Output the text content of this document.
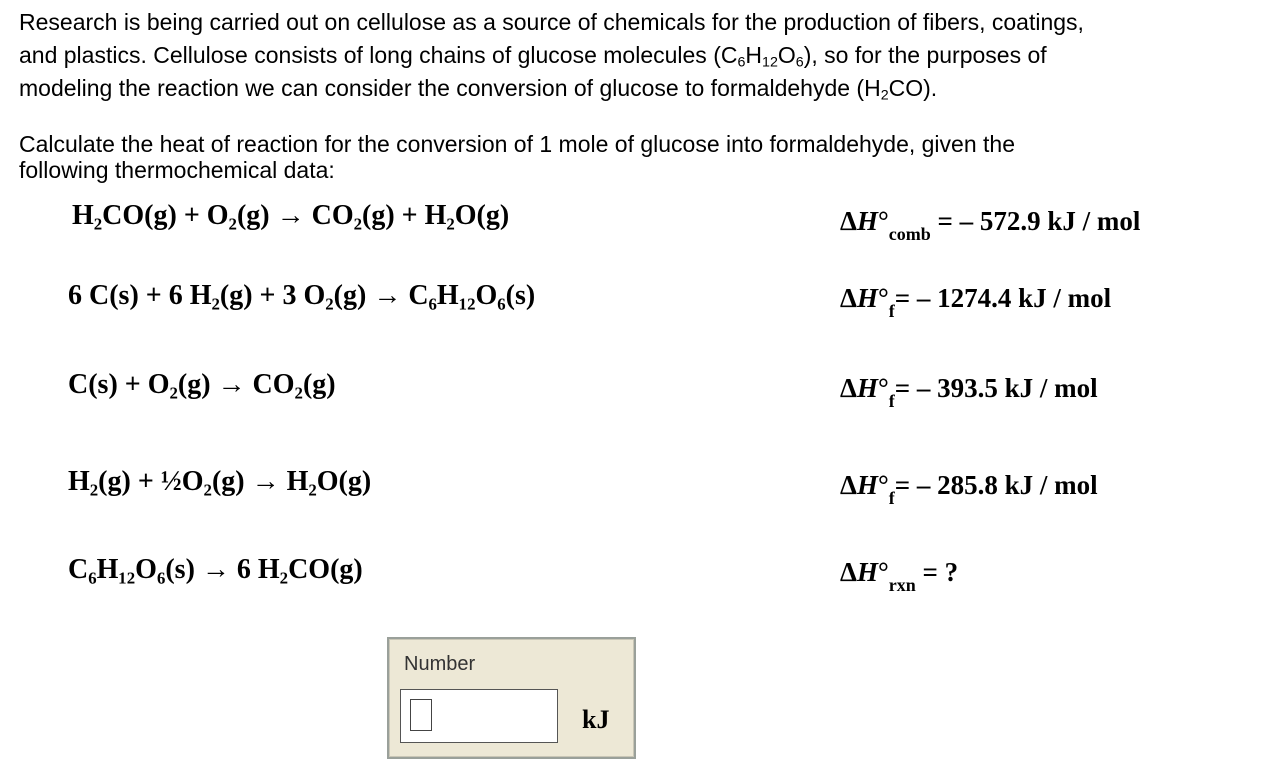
Research is being carried out on cellulose as a source of chemicals for the production of fibers, coatings,

and plastics. Cellulose consists of long chains of glucose molecules $(C_6H_{12}O_6)$, so for the purposes of

modeling the reaction we can consider the conversion of glucose to formaldehyde $(H_2CO)$.

Calculate the heat of reaction for the conversion of 1 mole of glucose into formaldehyde, given the
following thermochemical data:
H₂CO(g) + O₂(g) → CO₂(g) + H₂O(g)	$\Delta H^\circ_{comb}$ = – 572.9 kJ / mol
6 C(s) + 6 H₂(g) + 3 O₂(g) → C₆H₁₂O₆(s)	$\Delta H^\circ_f= - 1274.4$ kJ / mol
C(s) + O₂(g) → CO₂(g)	$\Delta H^\circ_f= - 393.5$ kJ / mol
H₂(g) + ½O₂(g) → H₂O(g)	$\Delta H^\circ_f= - 285.8$ kJ / mol
C₆H₁₂O₆(s) → 6 H₂CO(g)	$\Delta H^\circ_{rxn}$ = ?
Number
kJ
